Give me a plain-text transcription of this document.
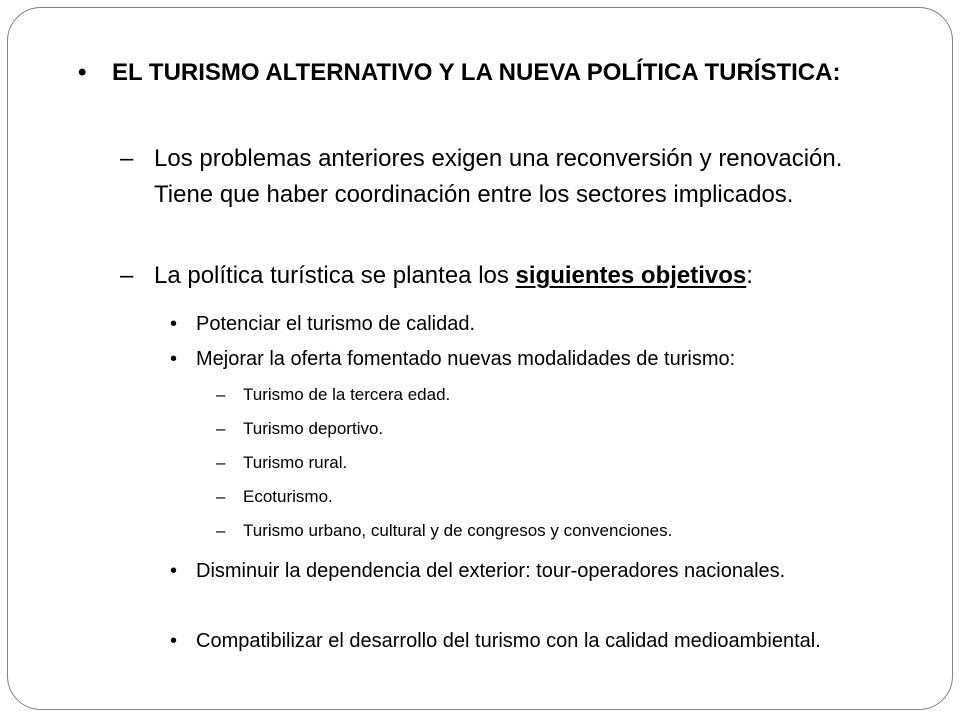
• EL TURISMO ALTERNATIVO Y LA NUEVA POLÍTICA TURÍSTICA:
– Los problemas anteriores exigen una reconversión y renovación. Tiene que haber coordinación entre los sectores implicados.
– La política turística se plantea los siguientes objetivos:
• Potenciar el turismo de calidad.
• Mejorar la oferta fomentado nuevas modalidades de turismo:
– Turismo de la tercera edad.
– Turismo deportivo.
– Turismo rural.
– Ecoturismo.
– Turismo urbano, cultural y de congresos y convenciones.
• Disminuir la dependencia del exterior: tour-operadores nacionales.
• Compatibilizar el desarrollo del turismo con la calidad medioambiental.
